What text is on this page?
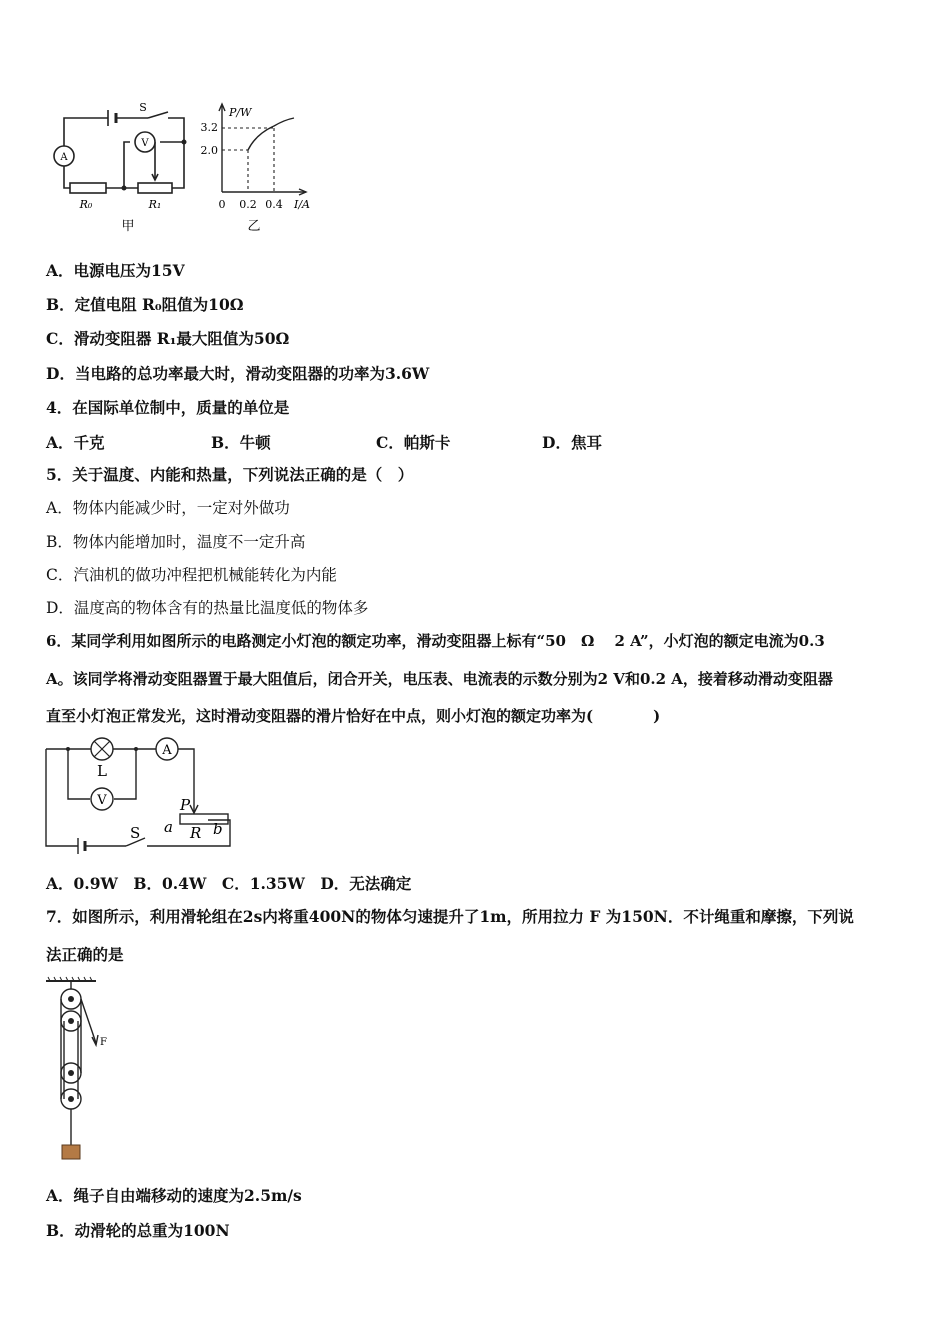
A
V
S
R₀	R₁
甲
P/W
3.2
2.0
0 0.2 0.4 I/A
乙
A．电源电压为15V
B．定值电阻 R₀阻值为10Ω
C．滑动变阻器 R₁最大阻值为50Ω
D．当电路的总功率最大时，滑动变阻器的功率为3.6W
4．在国际单位制中，质量的单位是
A．千克	B．牛顿	C．帕斯卡	D．焦耳
5．关于温度、内能和热量，下列说法正确的是（　）
A．物体内能减少时，一定对外做功
B．物体内能增加时，温度不一定升高
C．汽油机的做功冲程把机械能转化为内能
D．温度高的物体含有的热量比温度低的物体多
6．某同学利用如图所示的电路测定小灯泡的额定功率，滑动变阻器上标有“50　Ω　 2 A”，小灯泡的额定电流为0.3
A。该同学将滑动变阻器置于最大阻值后，闭合开关，电压表、电流表的示数分别为2 V和0.2 A，接着移动滑动变阻器
直至小灯泡正常发光，这时滑动变阻器的滑片恰好在中点，则小灯泡的额定功率为(　　　　)
L
A
V	P
a R b
S
A．0.9W　B．0.4W　C．1.35W　D．无法确定
7．如图所示，利用滑轮组在2s内将重400N的物体匀速提升了1m，所用拉力 F 为150N．不计绳重和摩擦，下列说
法正确的是
F
A．绳子自由端移动的速度为2.5m/s
B．动滑轮的总重为100N
